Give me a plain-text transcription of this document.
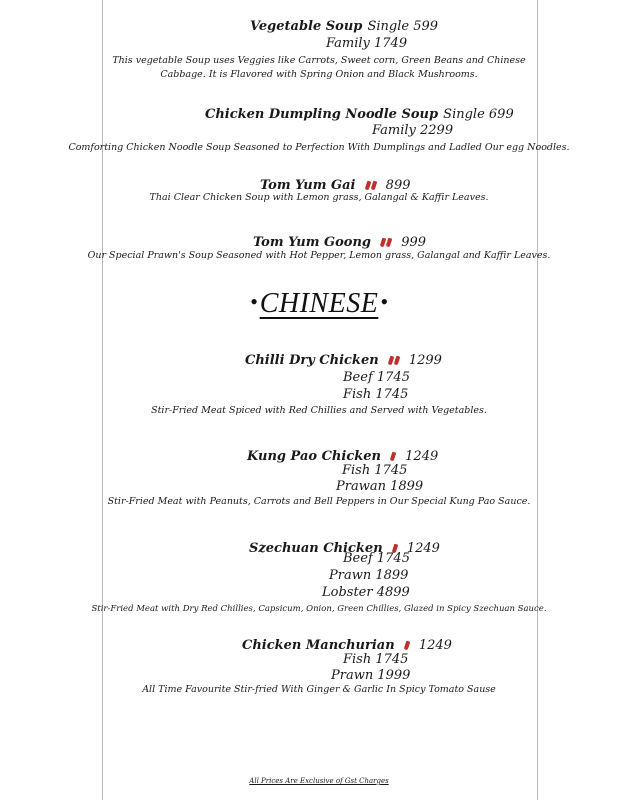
Vegetable Soup Single 599
Family 1749
This vegetable Soup uses Veggies like Carrots, Sweet corn, Green Beans and Chinese
Cabbage. It is Flavored with Spring Onion and Black Mushrooms.
Chicken Dumpling Noodle Soup Single 699
Family 2299
Comforting Chicken Noodle Soup Seasoned to Perfection With Dumplings and Ladled Our egg Noodles.
Tom Yum Gai 899
Thai Clear Chicken Soup with Lemon grass, Galangal & Kaffir Leaves.
Tom Yum Goong 999
Our Special Prawn's Soup Seasoned with Hot Pepper, Lemon grass, Galangal and Kaffir Leaves.
•CHINESE•
Chilli Dry Chicken 1299
Beef 1745
Fish 1745
Stir-Fried Meat Spiced with Red Chillies and Served with Vegetables.
Kung Pao Chicken 1249
Fish 1745
Prawan 1899
Stir-Fried Meat with Peanuts, Carrots and Bell Peppers in Our Special Kung Pao Sauce.
Szechuan Chicken 1249
Beef 1745
Prawn 1899
Lobster 4899
Stir-Fried Meat with Dry Red Chillies, Capsicum, Onion, Green Chillies, Glazed in Spicy Szechuan Sauce.
Chicken Manchurian 1249
Fish 1745
Prawn 1999
All Time Favourite Stir-fried With Ginger & Garlic In Spicy Tomato Sause
All Prices Are Exclusive of Gst Charges
